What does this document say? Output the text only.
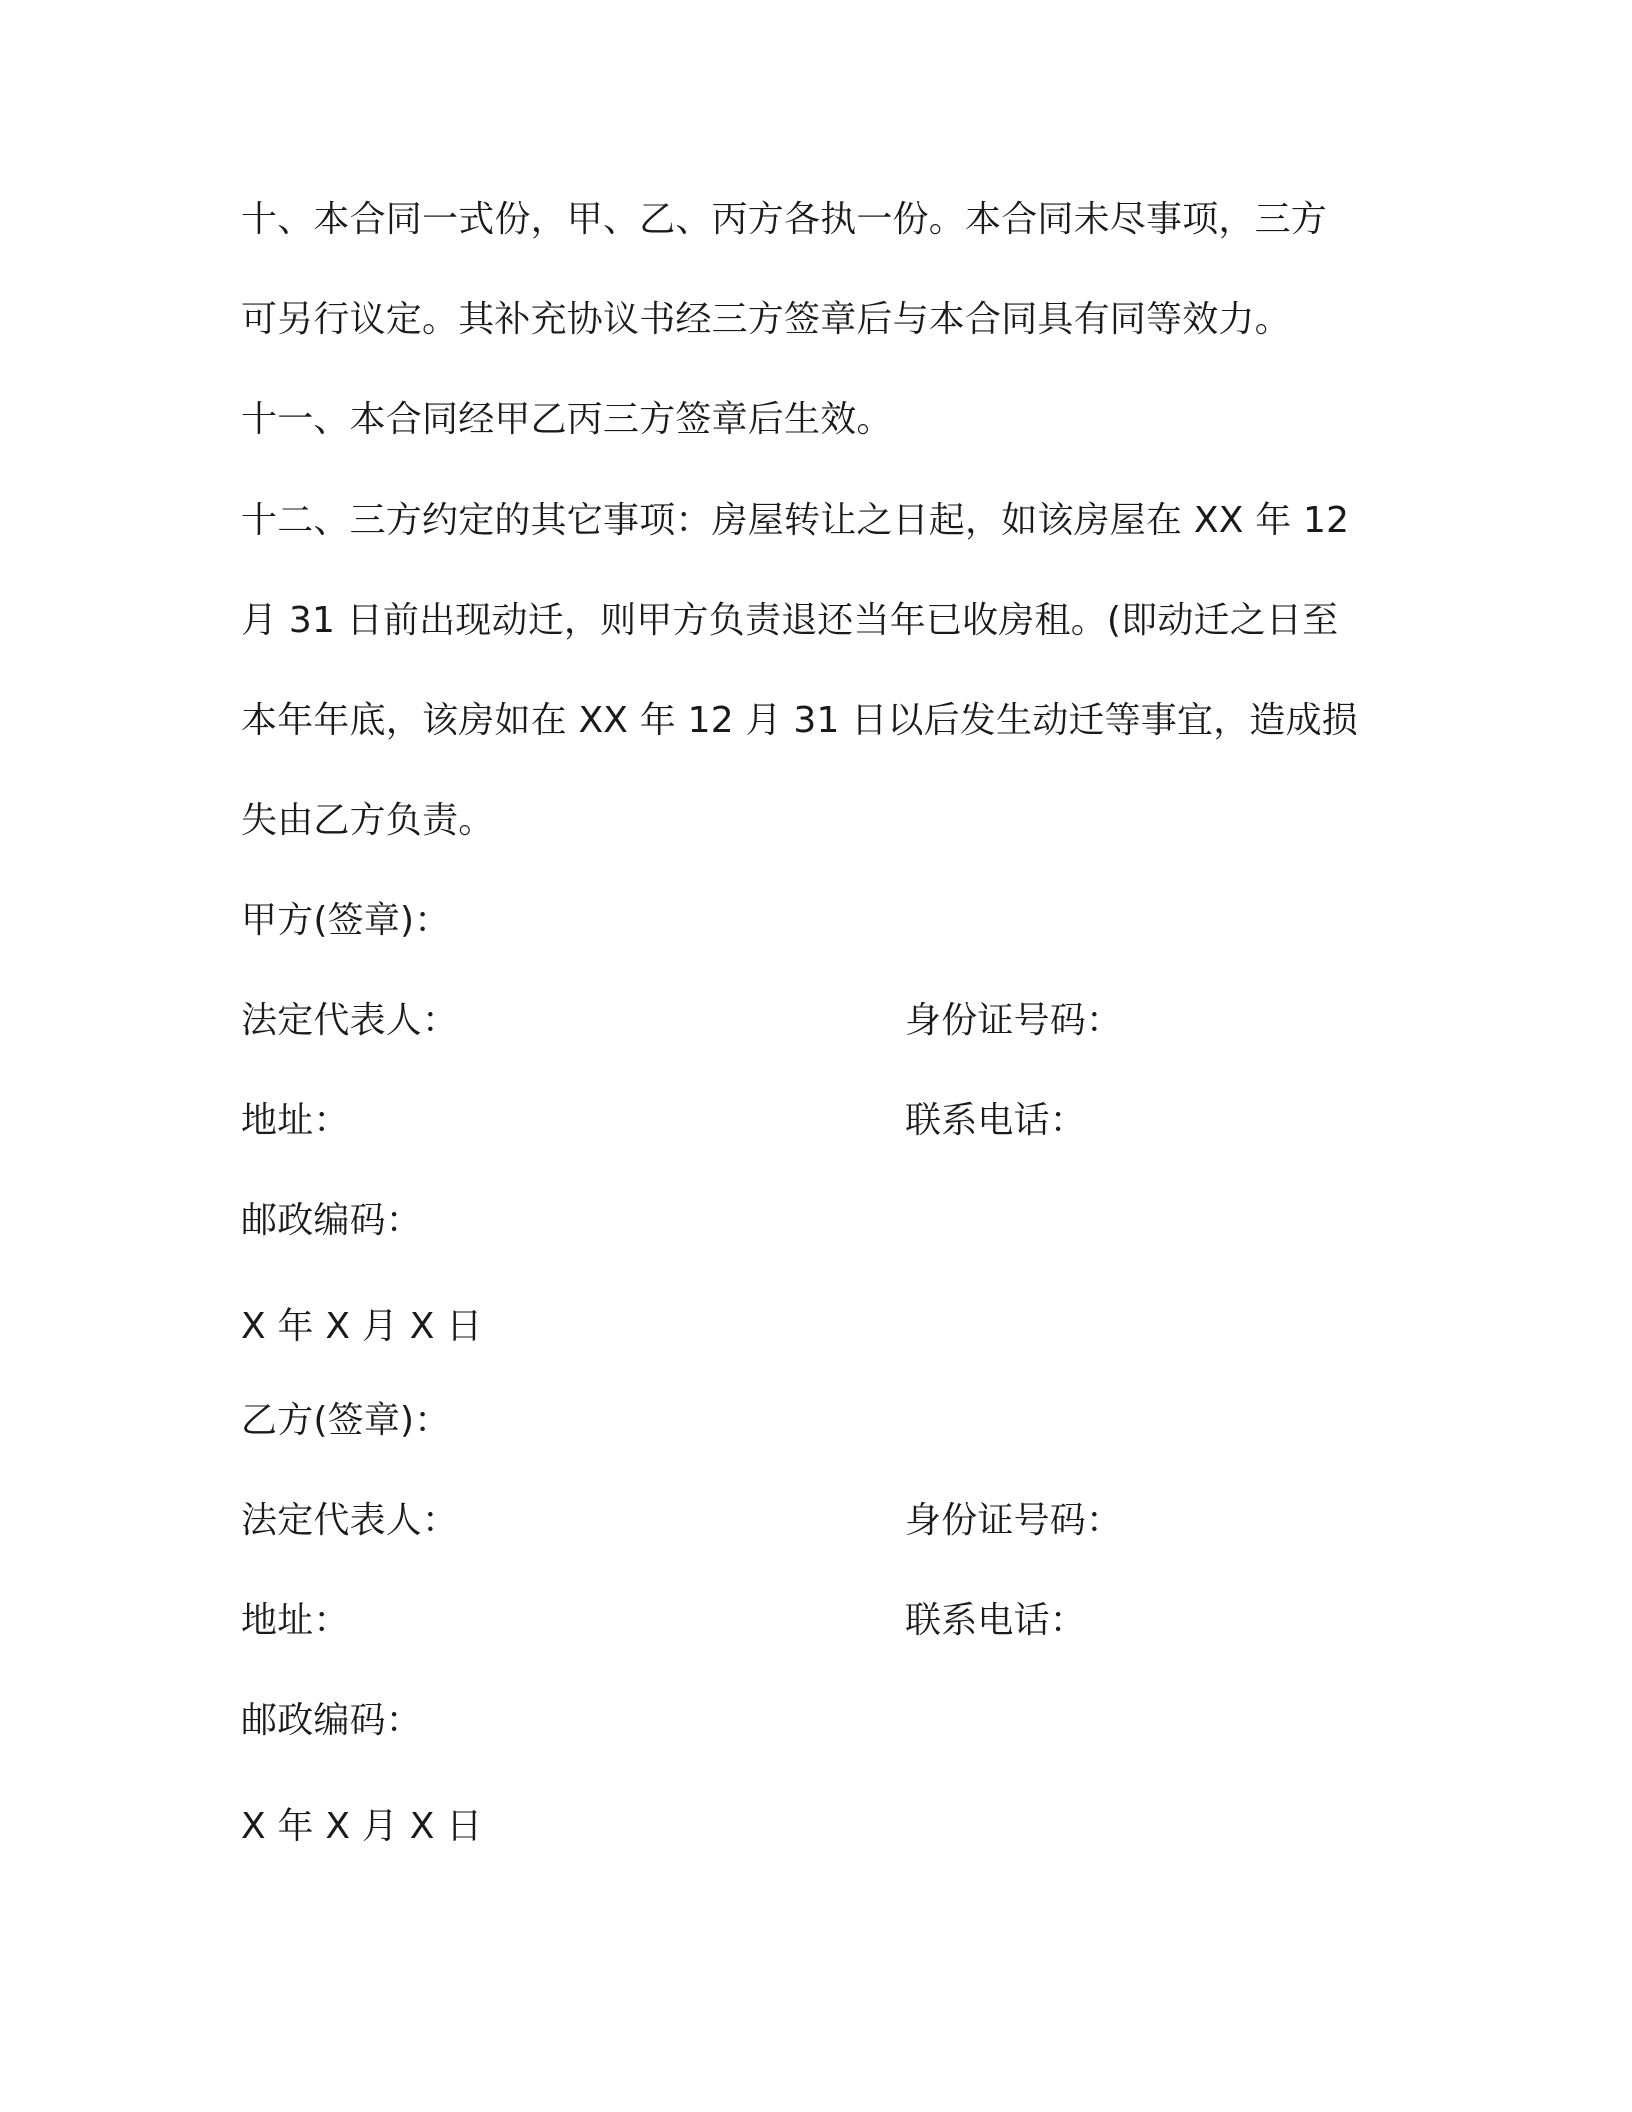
十、本合同一式份，甲、乙、丙方各执一份。本合同未尽事项，三方
可另行议定。其补充协议书经三方签章后与本合同具有同等效力。
十一、本合同经甲乙丙三方签章后生效。
十二、三方约定的其它事项：房屋转让之日起，如该房屋在 XX 年 12
月 31 日前出现动迁，则甲方负责退还当年已收房租。(即动迁之日至
本年年底，该房如在 XX 年 12 月 31 日以后发生动迁等事宜，造成损
失由乙方负责。
甲方(签章)：
法定代表人：	身份证号码：
地址：	联系电话：
邮政编码：
X 年 X 月 X 日
乙方(签章)：
法定代表人：	身份证号码：
地址：	联系电话：
邮政编码：
X 年 X 月 X 日
